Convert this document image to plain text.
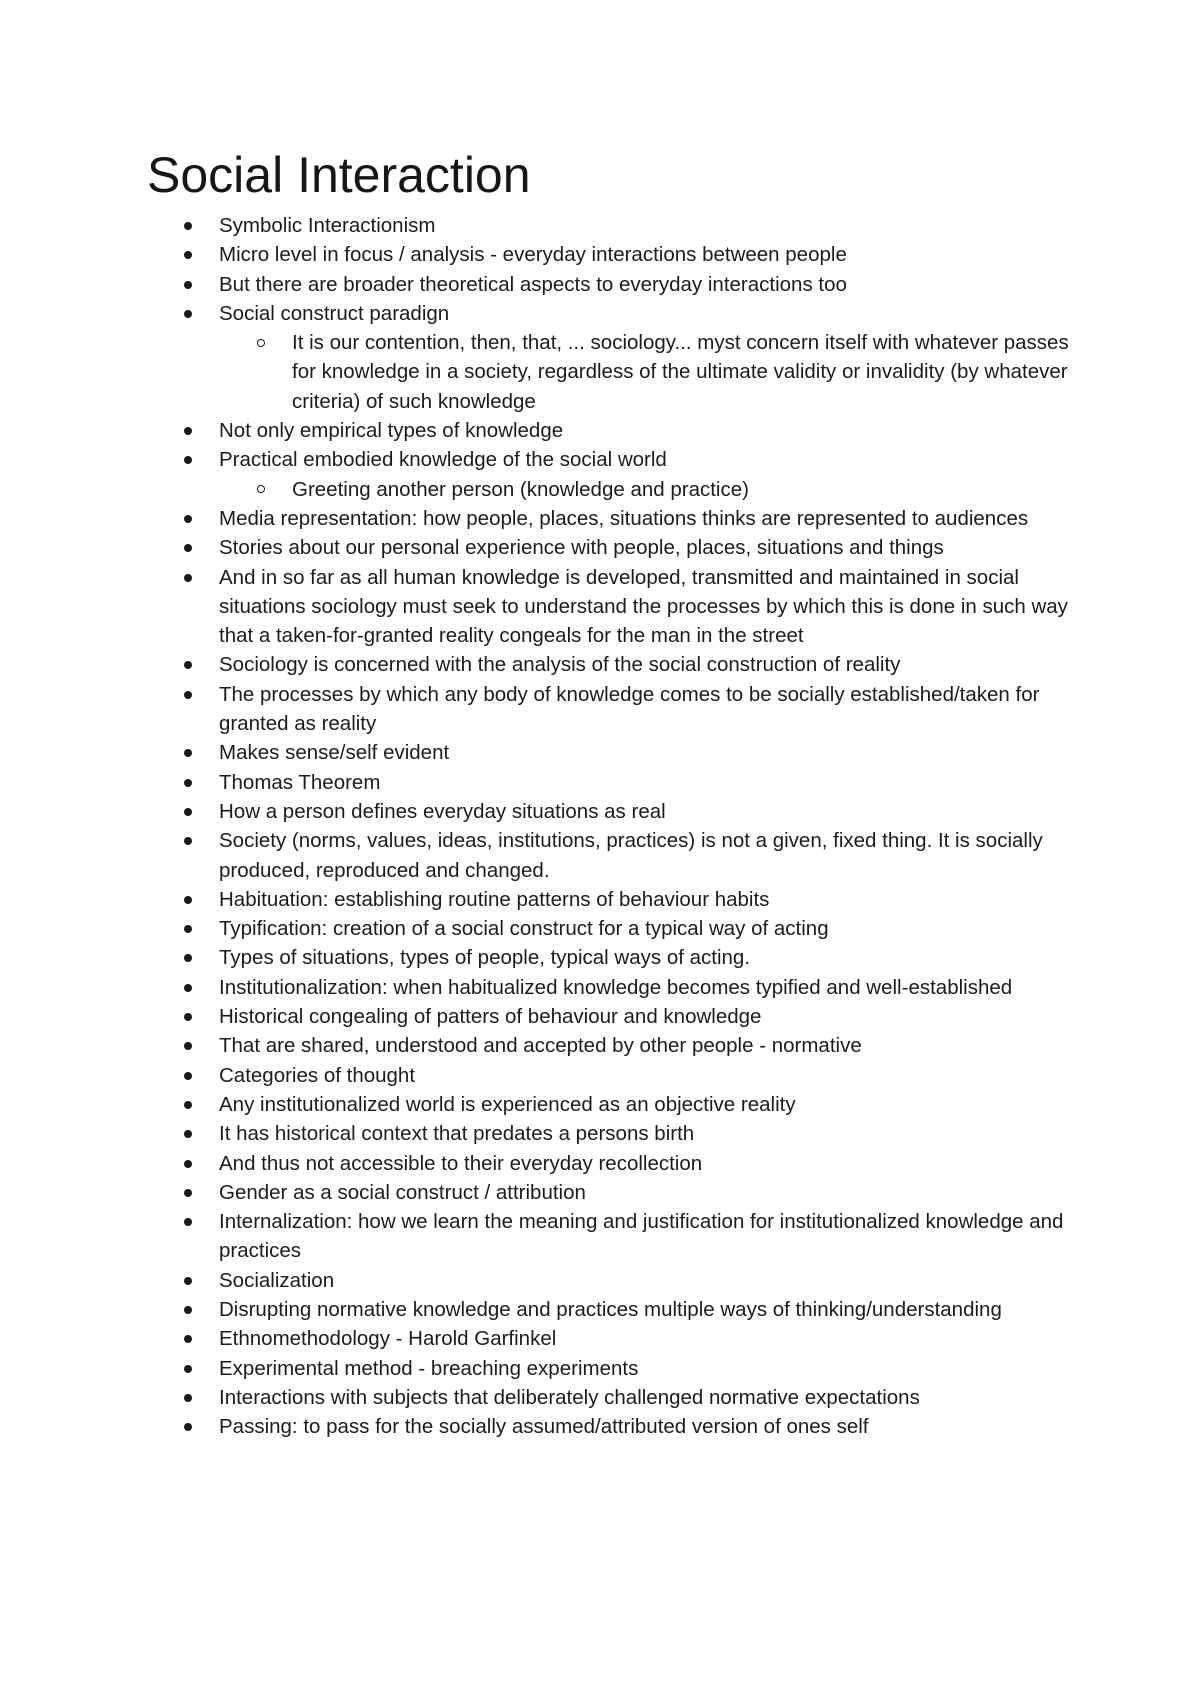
Social Interaction
Symbolic Interactionism
Micro level in focus / analysis - everyday interactions between people
But there are broader theoretical aspects to everyday interactions too
Social construct paradign
It is our contention, then, that, ... sociology... myst concern itself with whatever passes for knowledge in a society, regardless of the ultimate validity or invalidity (by whatever criteria) of such knowledge
Not only empirical types of knowledge
Practical embodied knowledge of the social world
Greeting another person (knowledge and practice)
Media representation: how people, places, situations thinks are represented to audiences
Stories about our personal experience with people, places, situations and things
And in so far as all human knowledge is developed, transmitted and maintained in social situations sociology must seek to understand the processes by which this is done in such way that a taken-for-granted reality congeals for the man in the street
Sociology is concerned with the analysis of the social construction of reality
The processes by which any body of knowledge comes to be socially established/taken for granted as reality
Makes sense/self evident
Thomas Theorem
How a person defines everyday situations as real
Society (norms, values, ideas, institutions, practices) is not a given, fixed thing. It is socially produced, reproduced and changed.
Habituation: establishing routine patterns of behaviour habits
Typification: creation of a social construct for a typical way of acting
Types of situations, types of people, typical ways of acting.
Institutionalization: when habitualized knowledge becomes typified and well-established
Historical congealing of patters of behaviour and knowledge
That are shared, understood and accepted by other people - normative
Categories of thought
Any institutionalized world is experienced as an objective reality
It has historical context that predates a persons birth
And thus not accessible to their everyday recollection
Gender as a social construct / attribution
Internalization: how we learn the meaning and justification for institutionalized knowledge and practices
Socialization
Disrupting normative knowledge and practices multiple ways of thinking/understanding
Ethnomethodology - Harold Garfinkel
Experimental method - breaching experiments
Interactions with subjects that deliberately challenged normative expectations
Passing: to pass for the socially assumed/attributed version of ones self
